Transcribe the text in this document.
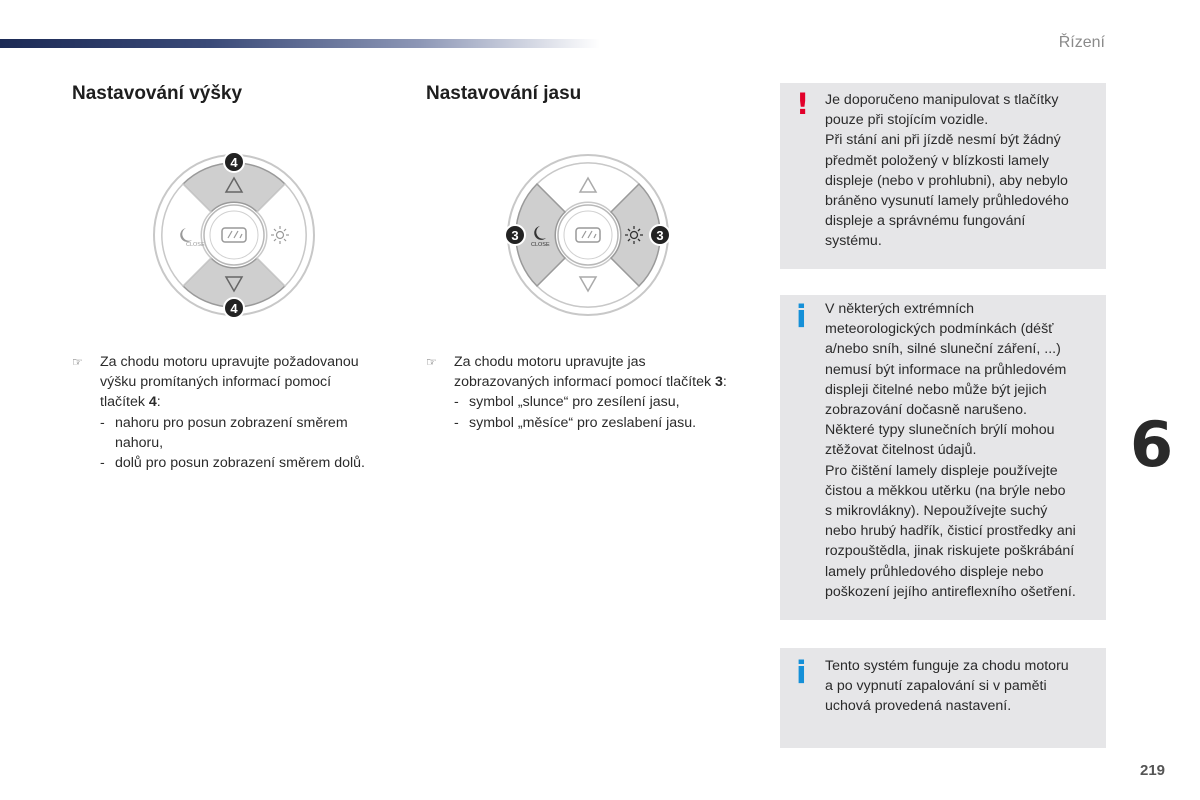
Řízení
Nastavování výšky
CLOSE
4
4
☞ Za chodu motoru upravujte požadovanou
výšku promítaných informací pomocí
tlačítek 4:
- nahoru pro posun zobrazení směrem
nahoru,
- dolů pro posun zobrazení směrem dolů.
Nastavování jasu
CLOSE
3	3
☞ Za chodu motoru upravujte jas
zobrazovaných informací pomocí tlačítek 3:
- symbol „slunce“ pro zesílení jasu,
- symbol „měsíce“ pro zeslabení jasu.
! Je doporučeno manipulovat s tlačítky
pouze při stojícím vozidle.
Při stání ani při jízdě nesmí být žádný
předmět položený v blízkosti lamely
displeje (nebo v prohlubni), aby nebylo
bráněno vysunutí lamely průhledového
displeje a správnému fungování
systému.
i V některých extrémních
meteorologických podmínkách (déšť
a/nebo sníh, silné sluneční záření, ...)
nemusí být informace na průhledovém
displeji čitelné nebo může být jejich
zobrazování dočasně narušeno.
Některé typy slunečních brýlí mohou
ztěžovat čitelnost údajů.
Pro čištění lamely displeje používejte
čistou a měkkou utěrku (na brýle nebo
s mikrovlákny). Nepoužívejte suchý
nebo hrubý hadřík, čisticí prostředky ani
rozpouštědla, jinak riskujete poškrábání
lamely průhledového displeje nebo
poškození jejího antireflexního ošetření.
i Tento systém funguje za chodu motoru
a po vypnutí zapalování si v paměti
uchová provedená nastavení.
6
219
